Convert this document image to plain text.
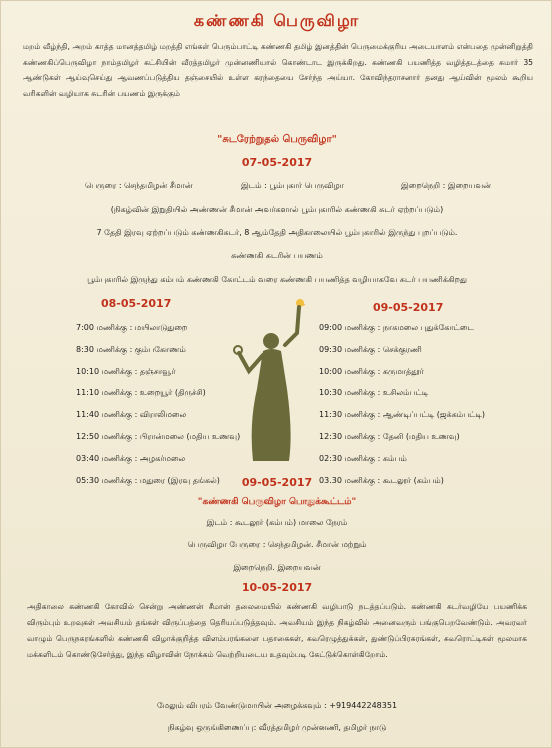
கண்ணகி பெருவிழா
மறம் வீழ்ந்தி, அறம் காத்த மானத்தமிழ் மறத்தி எங்கள் பெரும்பாட்டி கண்ணகி தமிழ் இனத்தின் பெருமைக்குரிய அடையாளம் என்பதை முன்னிறுத்தி கண்ணகிப்பெருவிழா நாம்தமிழர் கட்சியின் வீரத்தமிழர் முன்னணியால் கொண்டாட இருக்கிறது. கண்ணகி பயணித்த வழித்தடத்தை சுமார் 35 ஆண்டுகள் ஆய்வுசெய்து ஆவணப்படுத்திய தஞ்சையில் உள்ள கரந்தையை சேர்ந்த அய்யா. கோவிந்தராசனார் தனது ஆய்வின் மூலம் கூறிய வரிகளின் வழியாக சுடரின் பயணம் இருக்கும்
"சுடரேற்றுதல் பெருவிழா"
07-05-2017
பெருரை : செந்தமிழன் சீமான்	இடம் : பூம்புகார் பெருவிழா	இறைநெறி : இறையவன்
(நிகழ்வின் இறுதியில் அண்ணன் சீமான் அவர்களால் பூம்புகாரில் கண்ணகி சுடர் ஏற்றப்படும்)
7 தேதி இரவு ஏற்றப்படும் கண்ணகிசுடர், 8 ஆம்தேதி அதிகாலையில் பூம்புகாரில் இருந்து புறப்படும்.
கண்ணகி சுடரின் பயணம்
பூம்புகாரில் இருந்து கம்பம் கண்ணகி கோட்டம் வரை கண்ணகி பயணித்த வழியாகவே சுடர் பயணிக்கிறது
08-05-2017	09-05-2017
7:00 மணிக்கு : மயிலாடுதுறை
8:30 மணிக்கு : கும்பகோணம்
10:10 மணிக்கு : தஞ்சாவூர்
11:10 மணிக்கு : உறையூர் (திருச்சி)
11:40 மணிக்கு : விராலிமலை
12:50 மணிக்கு : பிரான்மலை (மதிய உணவு)
03:40 மணிக்கு : அழகர்மலை
05:30 மணிக்கு : மதுரை (இரவு தங்கல்)
09:00 மணிக்கு : நாகமலை புதுக்கோட்டை
09:30 மணிக்கு : செக்குரணி
10:00 மணிக்கு : கருமாத்தூர்
10:30 மணிக்கு : உசிலம்பட்டி
11:30 மணிக்கு : ஆண்டிப்பட்டி (ஜக்கம்பட்டி)
12:30 மணிக்கு : தேனி (மதிய உணவு)
02:30 மணிக்கு : கம்பம்
03.30 மணிக்கு : கூடலூர் (கம்பம்)
09-05-2017
"கண்ணகி பெருவிழா பொதுக்கூட்டம்"
இடம் : கூடலூர் (கம்பம்) மாலை நேரம்
பெருவிழா பேருரை : செந்தமிழன். சீமான் மற்றும்
இறைநெறி. இறையவன்
10-05-2017
அதிகாலை கண்ணகி கோவில் சென்று அண்ணன் சீமான் தலைமையில் கண்ணகி வழிபாடு நடத்தப்படும். கண்ணகி சுடர்வழியே பயணிக்க விரும்பும் உறவுகள் அவசியம் தங்கள் விருப்பத்தை தெரியப்படுத்தவும். அவசியம் இந்த நிகழ்வில் அனைவரும் பங்குபெறவேண்டும். அவரவர் வாழும் பெருநகரங்களில் கண்ணகி விழாக்குறித்த விளம்பரங்களை பதாகைகள், சுவரெழுத்துக்கள், துண்டுப்பிரசுரங்கள், சுவரொட்டிகள் மூலமாக மக்களிடம் கொண்டுசேர்த்து, இந்த விழாவின் நோக்கம் வெற்றியடைய உதவும்படி கேட்டுக்கொள்கிறோம்.
மேலும் விபரம் வேண்டுமாயின் அழைக்கவும் : +919442248351
நிகழ்வு ஒருங்கிணைப்பு: வீரத்தமிழர் முன்னணி, தமிழர் நாடு
